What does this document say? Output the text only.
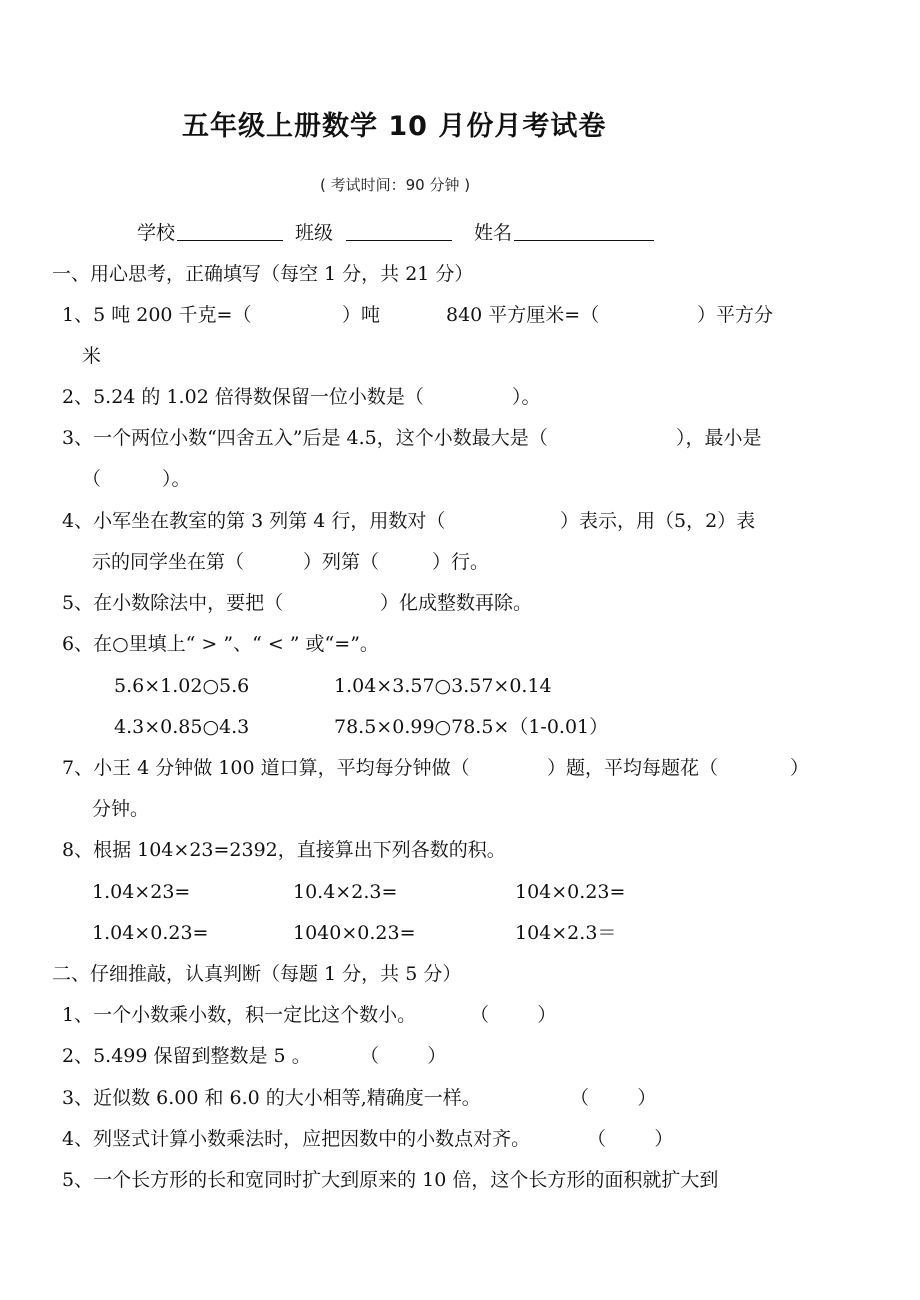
五年级上册数学 10 月份月考试卷
( 考试时间：90 分钟 )
学校	班级	姓名
一、用心思考，正确填写（每空 1 分，共 21 分）
1、5 吨 200 千克=（	）吨	840 平方厘米=（	）平方分
米
2、5.24 的 1.02 倍得数保留一位小数是（	）。
3、一个两位小数“四舍五入”后是 4.5，这个小数最大是（	），最小是
（	）。
4、小军坐在教室的第 3 列第 4 行，用数对（	）表示，用（5，2）表
示的同学坐在第（	）列第（	）行。
5、在小数除法中，要把（	）化成整数再除。
6、在○里填上“ > ”、“ < ” 或“=”。
5.6×1.02○5.6	1.04×3.57○3.57×0.14
4.3×0.85○4.3	78.5×0.99○78.5×（1-0.01）
7、小王 4 分钟做 100 道口算，平均每分钟做（	）题，平均每题花（	）
分钟。
8、根据 104×23=2392，直接算出下列各数的积。
1.04×23=	10.4×2.3=	104×0.23=
1.04×0.23=	1040×0.23=	104×2.3＝
二、仔细推敲，认真判断（每题 1 分，共 5 分）
1、一个小数乘小数，积一定比这个数小。	（        ）
2、5.499 保留到整数是 5 。	（        ）
3、近似数 6.00 和 6.0 的大小相等,精确度一样。	（        ）
4、列竖式计算小数乘法时，应把因数中的小数点对齐。	（        ）
5、一个长方形的长和宽同时扩大到原来的 10 倍，这个长方形的面积就扩大到
